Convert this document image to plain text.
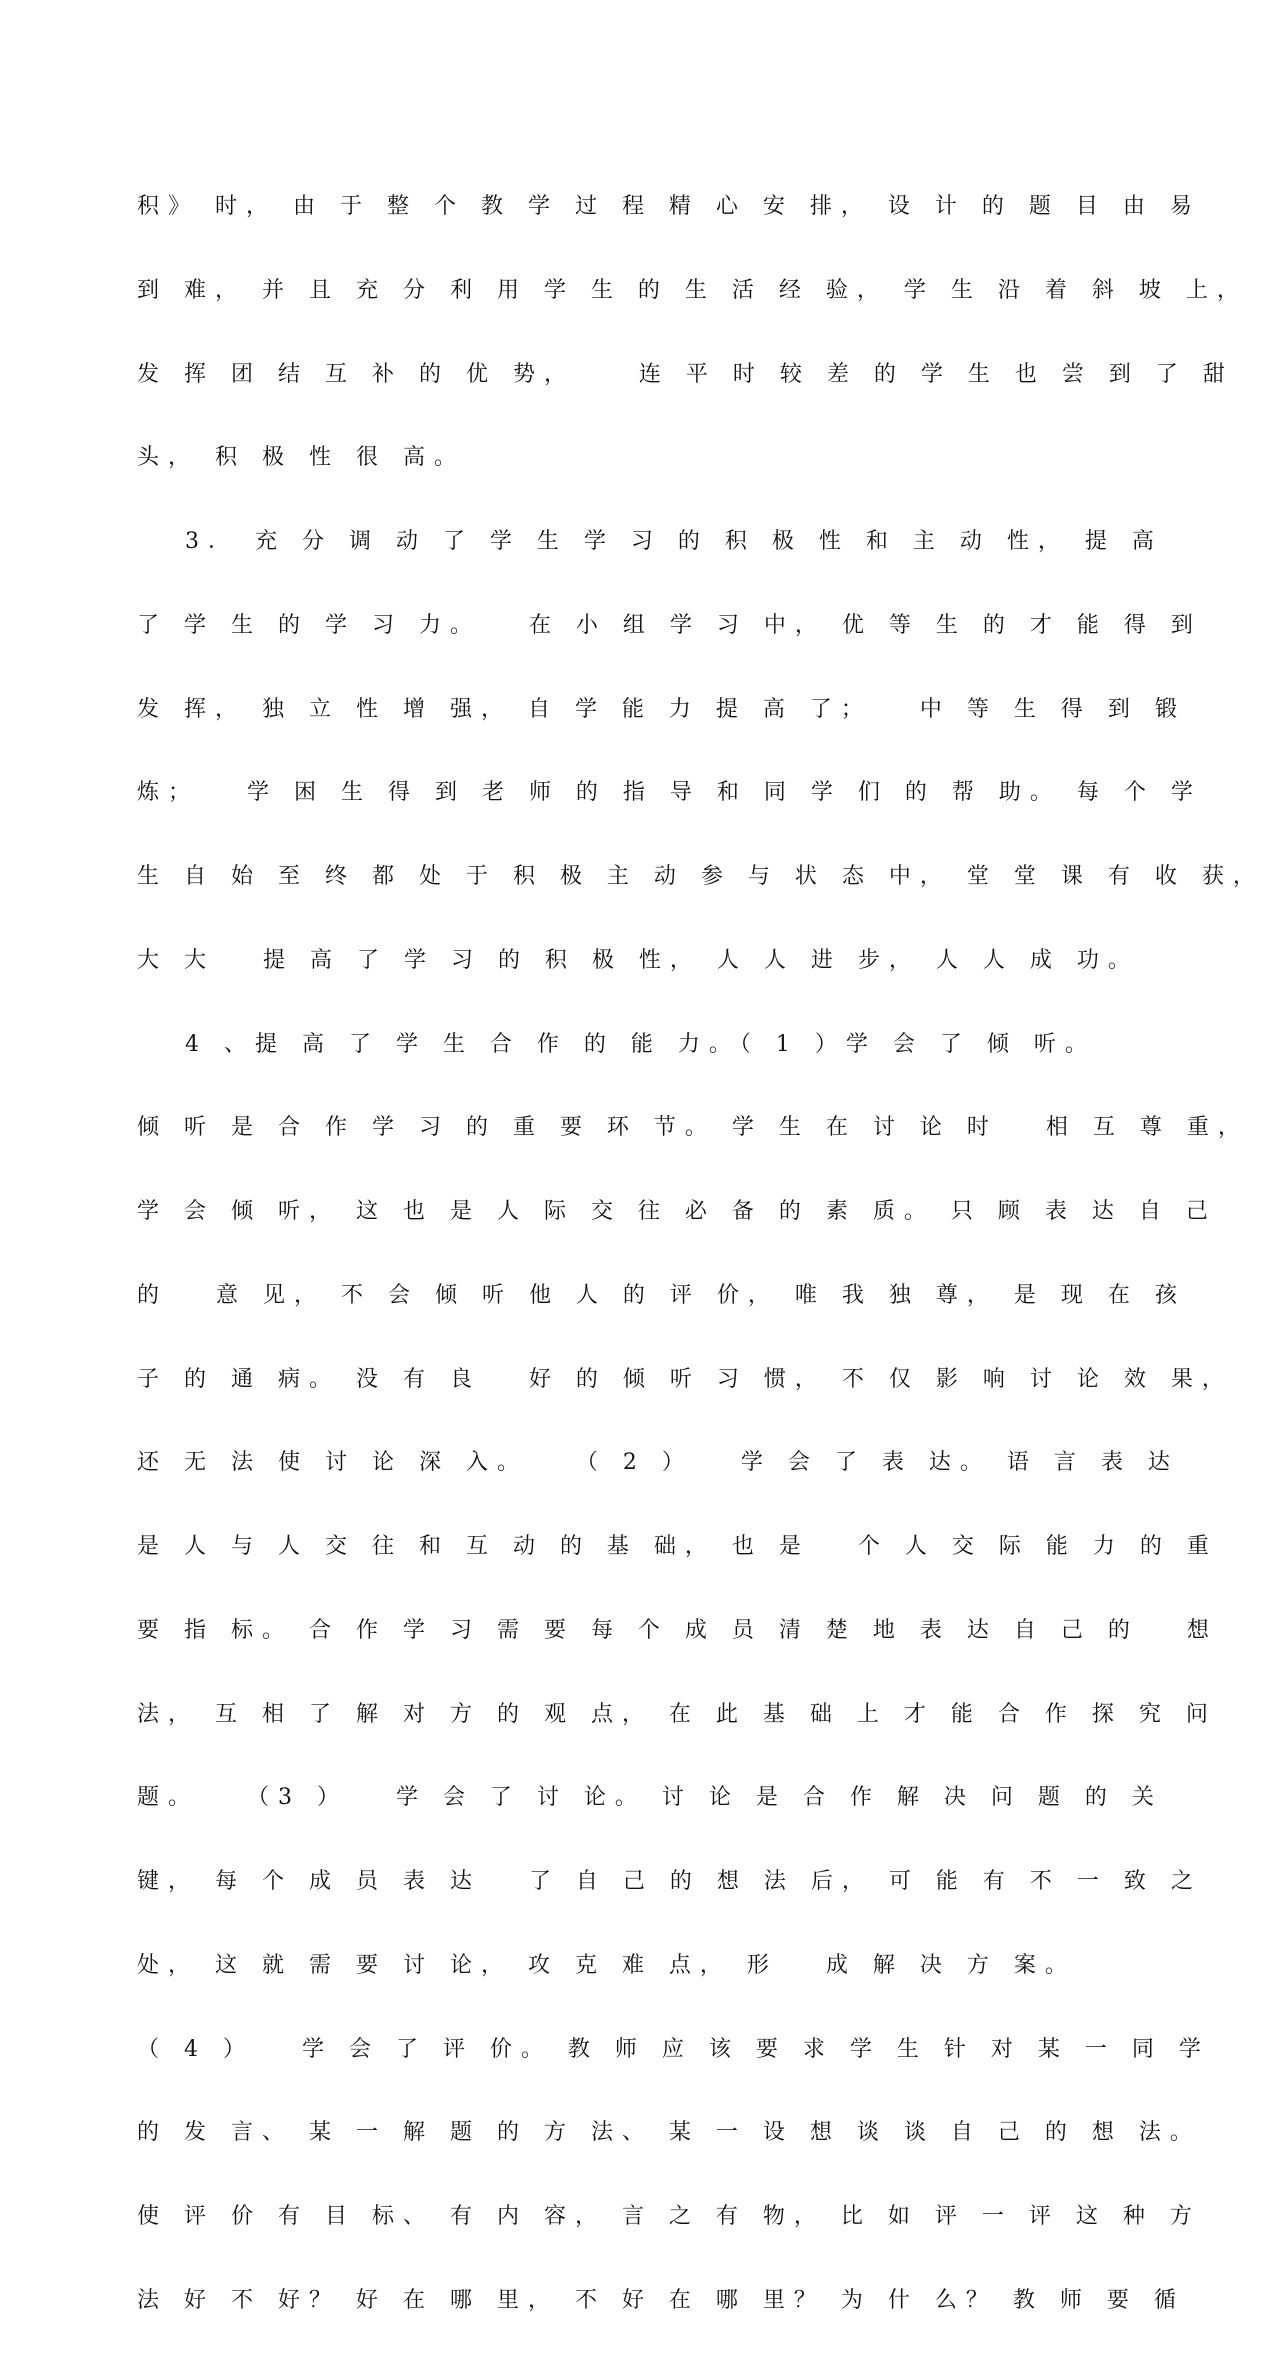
积》 时， 由 于 整 个 教 学 过 程 精 心 安 排， 设 计 的 题 目 由 易

到 难， 并 且 充 分 利 用 学 生 的 生 活 经 验， 学 生 沿 着 斜 坡 上，

发 挥 团 结 互 补 的 优 势，    连 平 时 较 差 的 学 生 也 尝 到 了 甜

头， 积 极 性 很 高。

3． 充 分 调 动 了 学 生 学 习 的 积 极 性 和 主 动 性， 提 高

了 学 生 的 学 习 力。   在 小 组 学 习 中， 优 等 生 的 才 能 得 到

发 挥， 独 立 性 增 强， 自 学 能 力 提 高 了；   中 等 生 得 到 锻

炼；   学 困 生 得 到 老 师 的 指 导 和 同 学 们 的 帮 助。 每 个 学

生 自 始 至 终 都 处 于 积 极 主 动 参 与 状 态 中， 堂 堂 课 有 收 获，

大 大   提 高 了 学 习 的 积 极 性， 人 人 进 步， 人 人 成 功。

4 、提 高 了 学 生 合 作 的 能 力。（ 1 ）学 会 了 倾 听。

倾 听 是 合 作 学 习 的 重 要 环 节。 学 生 在 讨 论 时   相 互 尊 重，

学 会 倾 听， 这 也 是 人 际 交 往 必 备 的 素 质。 只 顾 表 达 自 己

的   意 见， 不 会 倾 听 他 人 的 评 价， 唯 我 独 尊， 是 现 在 孩

子 的 通 病。 没 有 良   好 的 倾 听 习 惯， 不 仅 影 响 讨 论 效 果，

还 无 法 使 讨 论 深 入。   （ 2 ）   学 会 了 表 达。 语 言 表 达

是 人 与 人 交 往 和 互 动 的 基 础， 也 是   个 人 交 际 能 力 的 重

要 指 标。 合 作 学 习 需 要 每 个 成 员 清 楚 地 表 达 自 己 的   想

法， 互 相 了 解 对 方 的 观 点， 在 此 基 础 上 才 能 合 作 探 究 问

题。   （3 ）   学 会 了 讨 论。 讨 论 是 合 作 解 决 问 题 的 关

键， 每 个 成 员 表 达   了 自 己 的 想 法 后， 可 能 有 不 一 致 之

处， 这 就 需 要 讨 论， 攻 克 难 点， 形   成 解 决 方 案。

（ 4 ）   学 会 了 评 价。 教 师 应 该 要 求 学 生 针 对 某 一 同 学

的 发 言、 某 一 解 题 的 方 法、 某 一 设 想 谈 谈 自 己 的 想 法。

使 评 价 有 目 标、 有 内 容， 言 之 有 物， 比 如 评 一 评 这 种 方

法 好 不 好？ 好 在 哪 里， 不 好 在 哪 里？ 为 什 么？ 教 师 要 循
